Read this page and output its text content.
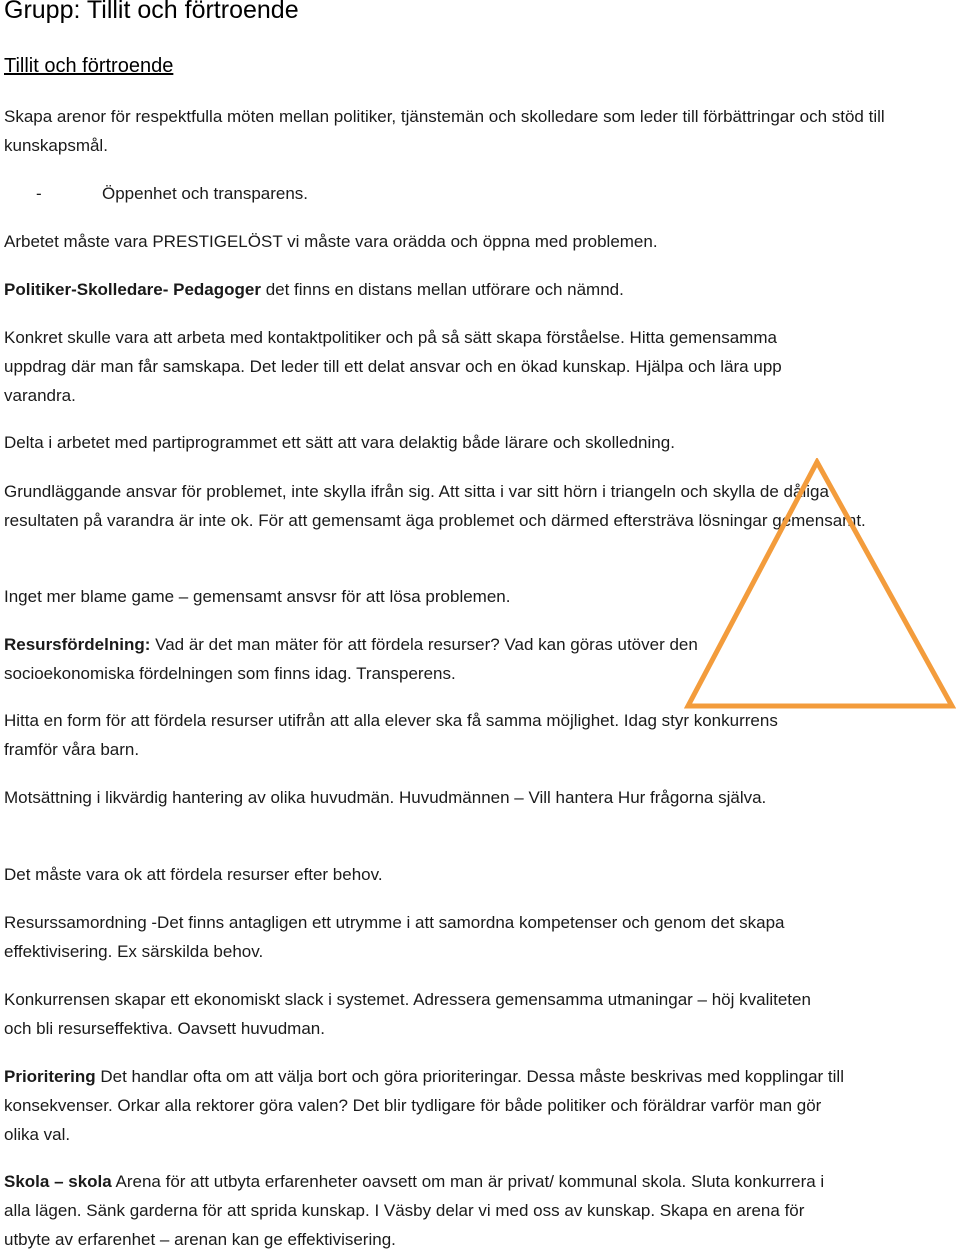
Grupp: Tillit och förtroende
Tillit och förtroende

Skapa arenor för respektfulla möten mellan politiker, tjänstemän och skolledare som leder till förbättringar och stöd till kunskapsmål.

-	Öppenhet och transparens.

Arbetet måste vara PRESTIGELÖST vi måste vara orädda och öppna med problemen.

Politiker-Skolledare- Pedagoger det finns en distans mellan utförare och nämnd.

Konkret skulle vara att arbeta med kontaktpolitiker och på så sätt skapa förståelse. Hitta gemensamma uppdrag där man får samskapa. Det leder till ett delat ansvar och en ökad kunskap. Hjälpa och lära upp varandra.

Delta i arbetet med partiprogrammet ett sätt att vara delaktig både lärare och skolledning.

Grundläggande ansvar för problemet, inte skylla ifrån sig. Att sitta i var sitt hörn i triangeln och skylla de dåliga resultaten på varandra är inte ok. För att gemensamt äga problemet och därmed eftersträva lösningar gemensamt.

Inget mer blame game – gemensamt ansvsr för att lösa problemen.

Resursfördelning: Vad är det man mäter för att fördela resurser? Vad kan göras utöver den socioekonomiska fördelningen som finns idag. Transperens.

Hitta en form för att fördela resurser utifrån att alla elever ska få samma möjlighet. Idag styr konkurrens framför våra barn.

Motsättning i likvärdig hantering av olika huvudmän. Huvudmännen – Vill hantera Hur frågorna själva.

Det måste vara ok att fördela resurser efter behov.

Resurssamordning -Det finns antagligen ett utrymme i att samordna kompetenser och genom det skapa effektivisering. Ex särskilda behov.

Konkurrensen skapar ett ekonomiskt slack i systemet. Adressera gemensamma utmaningar – höj kvaliteten och bli resurseffektiva. Oavsett huvudman.

Prioritering Det handlar ofta om att välja bort och göra prioriteringar. Dessa måste beskrivas med kopplingar till konsekvenser. Orkar alla rektorer göra valen? Det blir tydligare för både politiker och föräldrar varför man gör olika val.

Skola – skola Arena för att utbyta erfarenheter oavsett om man är privat/ kommunal skola. Sluta konkurrera i alla lägen. Sänk garderna för att sprida kunskap. I Väsby delar vi med oss av kunskap. Skapa en arena för utbyte av erfarenhet – arenan kan ge effektivisering.
